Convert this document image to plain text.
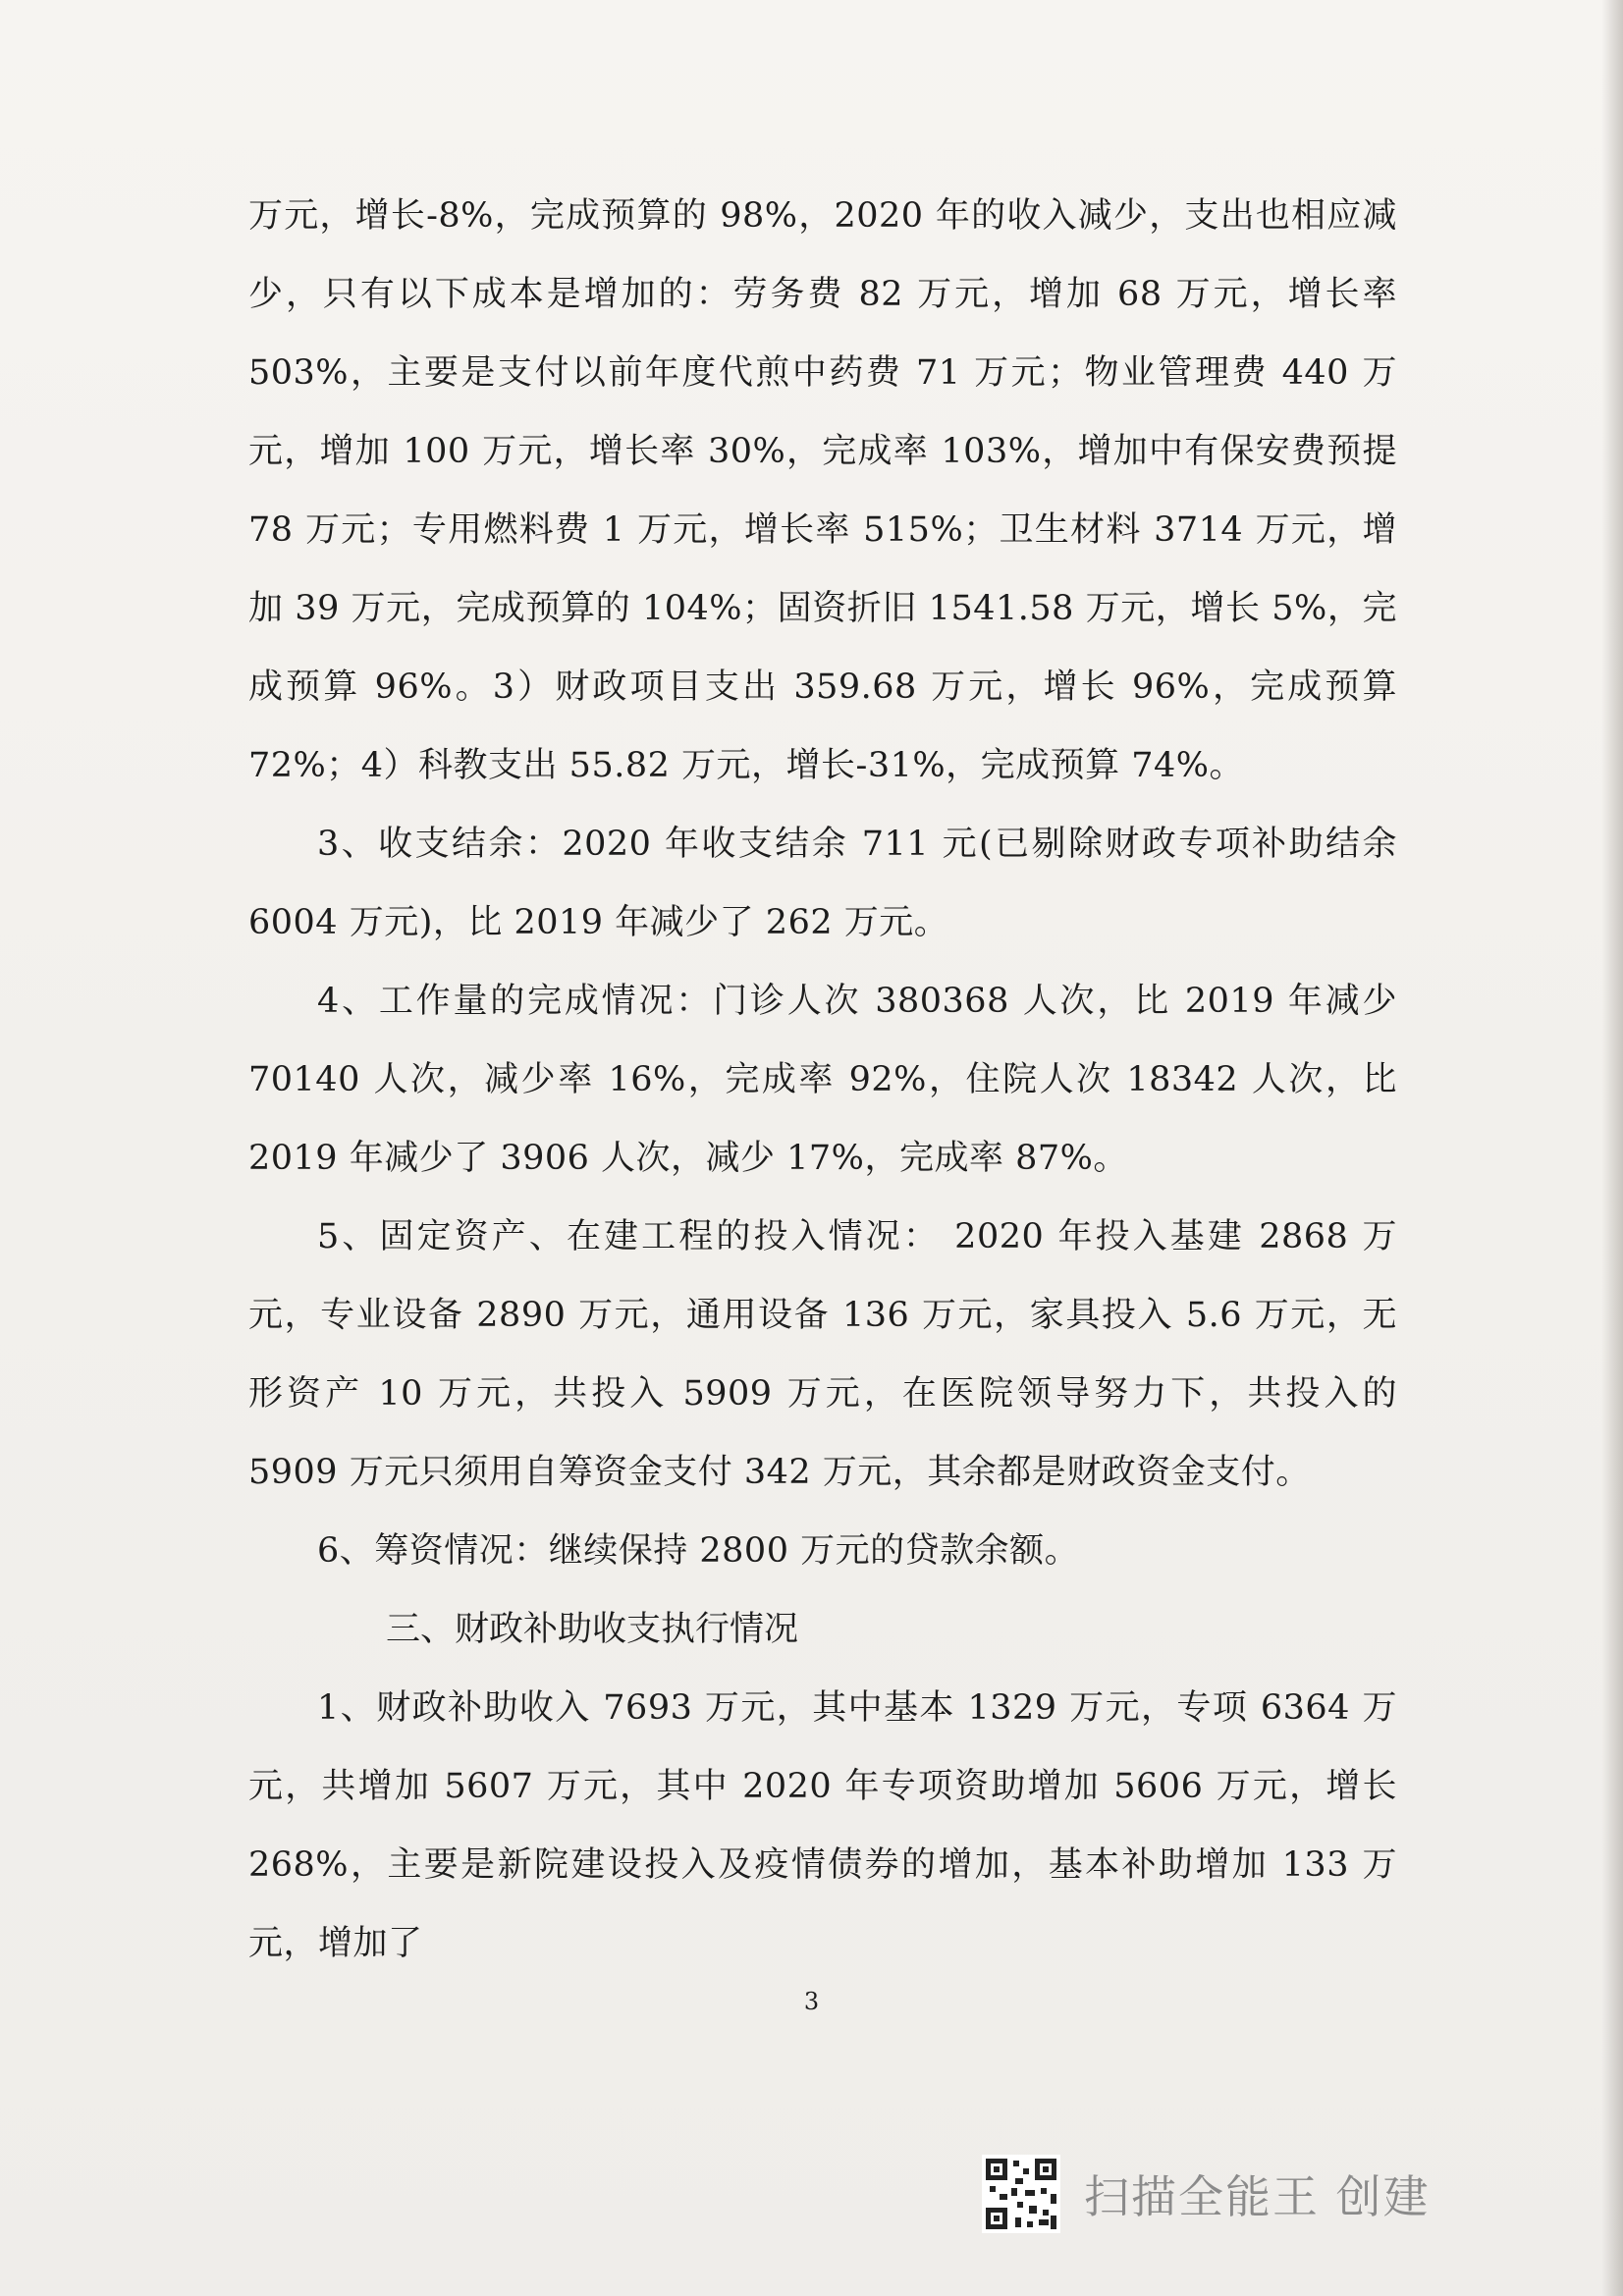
万元，增长-8%，完成预算的 98%，2020 年的收入减少，支出也相应减少，只有以下成本是增加的：劳务费 82 万元，增加 68 万元，增长率 503%，主要是支付以前年度代煎中药费 71 万元；物业管理费 440 万元，增加 100 万元，增长率 30%，完成率 103%，增加中有保安费预提 78 万元；专用燃料费 1 万元，增长率 515%；卫生材料 3714 万元，增加 39 万元，完成预算的 104%；固资折旧 1541.58 万元，增长 5%，完成预算 96%。3）财政项目支出 359.68 万元，增长 96%，完成预算 72%；4）科教支出 55.82 万元，增长-31%，完成预算 74%。

3、收支结余：2020 年收支结余 711 元(已剔除财政专项补助结余 6004 万元)，比 2019 年减少了 262 万元。

4、工作量的完成情况：门诊人次 380368 人次，比 2019 年减少 70140 人次，减少率 16%，完成率 92%，住院人次 18342 人次，比 2019 年减少了 3906 人次，减少 17%，完成率 87%。

5、固定资产、在建工程的投入情况： 2020 年投入基建 2868 万元，专业设备 2890 万元，通用设备 136 万元，家具投入 5.6 万元，无形资产 10 万元，共投入 5909 万元，在医院领导努力下，共投入的 5909 万元只须用自筹资金支付 342 万元，其余都是财政资金支付。

6、筹资情况：继续保持 2800 万元的贷款余额。

三、财政补助收支执行情况

1、财政补助收入 7693 万元，其中基本 1329 万元，专项 6364 万元，共增加 5607 万元，其中 2020 年专项资助增加 5606 万元，增长 268%，主要是新院建设投入及疫情债券的增加，基本补助增加 133 万元，增加了

3
扫描全能王 创建
